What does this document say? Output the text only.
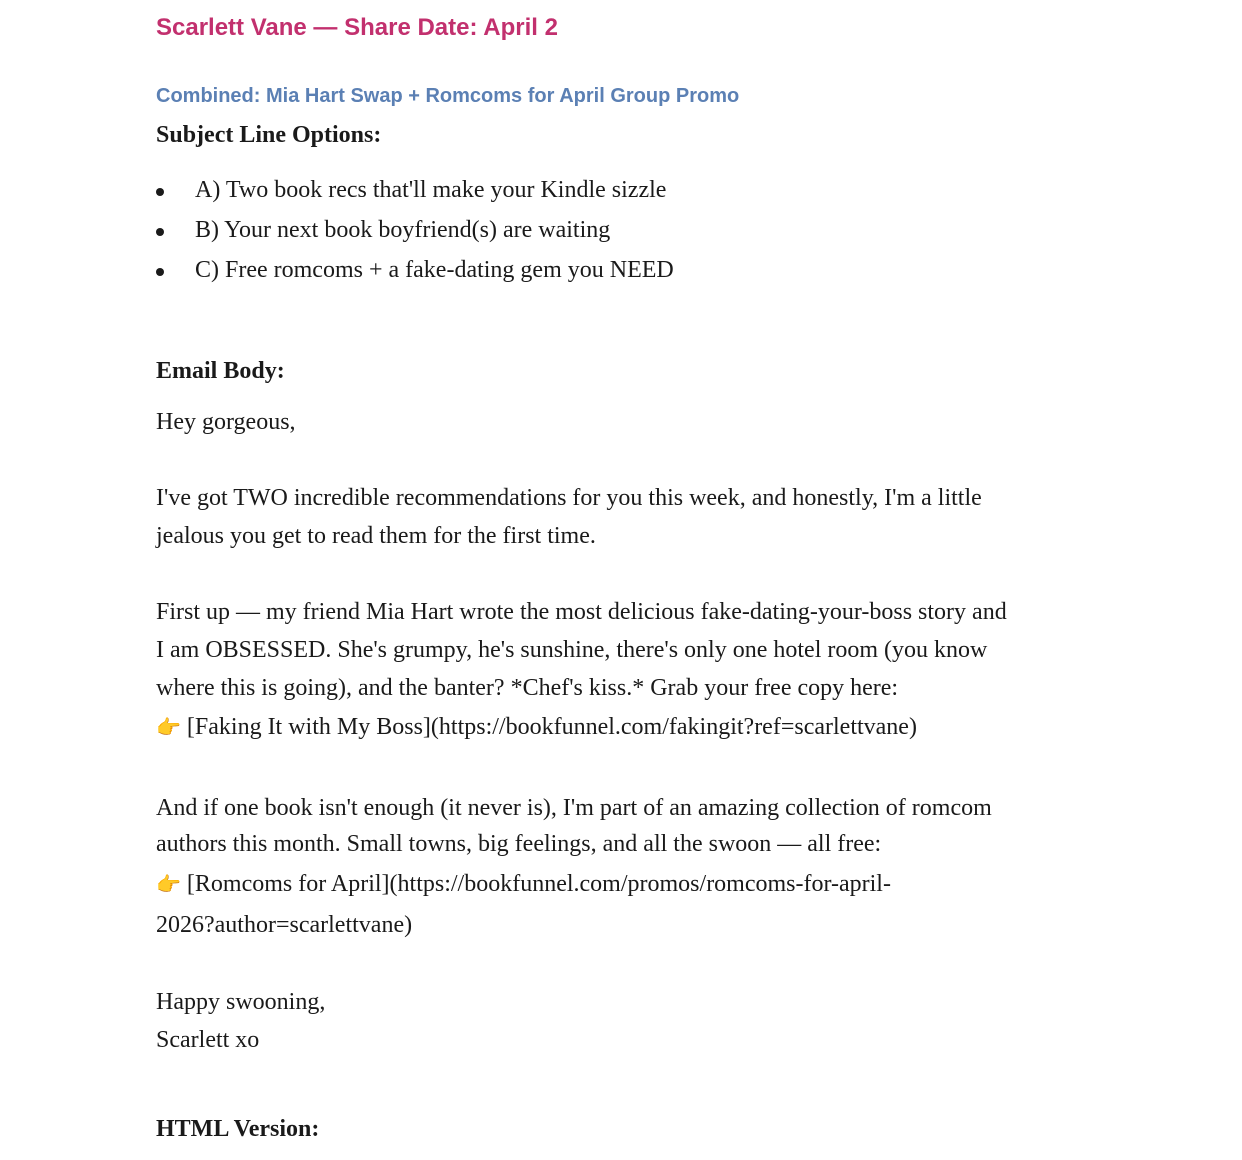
Scarlett Vane — Share Date: April 2
Combined: Mia Hart Swap + Romcoms for April Group Promo
Subject Line Options:
A) Two book recs that'll make your Kindle sizzle
B) Your next book boyfriend(s) are waiting
C) Free romcoms + a fake-dating gem you NEED
Email Body:
Hey gorgeous,
I've got TWO incredible recommendations for you this week, and honestly, I'm a little
jealous you get to read them for the first time.
First up — my friend Mia Hart wrote the most delicious fake-dating-your-boss story and
I am OBSESSED. She's grumpy, he's sunshine, there's only one hotel room (you know
where this is going), and the banter? *Chef's kiss.* Grab your free copy here:
👉 [Faking It with My Boss](https://bookfunnel.com/fakingit?ref=scarlettvane)
And if one book isn't enough (it never is), I'm part of an amazing collection of romcom
authors this month. Small towns, big feelings, and all the swoon — all free:
👉 [Romcoms for April](https://bookfunnel.com/promos/romcoms-for-april-
2026?author=scarlettvane)
Happy swooning,
Scarlett xo
HTML Version:
